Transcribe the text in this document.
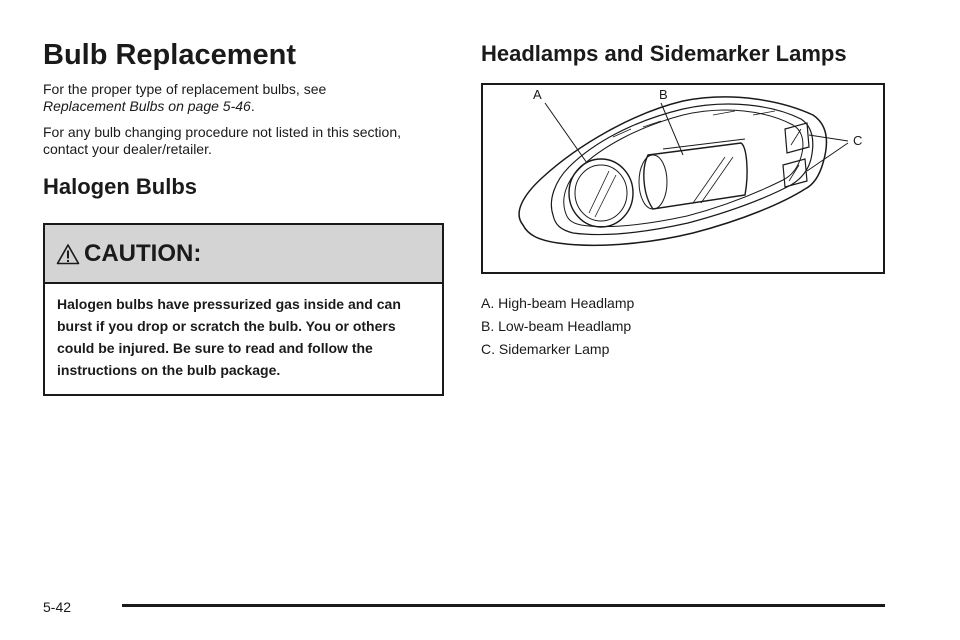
Bulb Replacement

For the proper type of replacement bulbs, see
Replacement Bulbs on page 5-46.

For any bulb changing procedure not listed in this section, contact your dealer/retailer.

Halogen Bulbs
CAUTION:
Halogen bulbs have pressurized gas inside and can burst if you drop or scratch the bulb. You or others could be injured. Be sure to read and follow the instructions on the bulb package.
Headlamps and Sidemarker Lamps
A	B
C
A. High-beam Headlamp
B. Low-beam Headlamp
C. Sidemarker Lamp
5-42
